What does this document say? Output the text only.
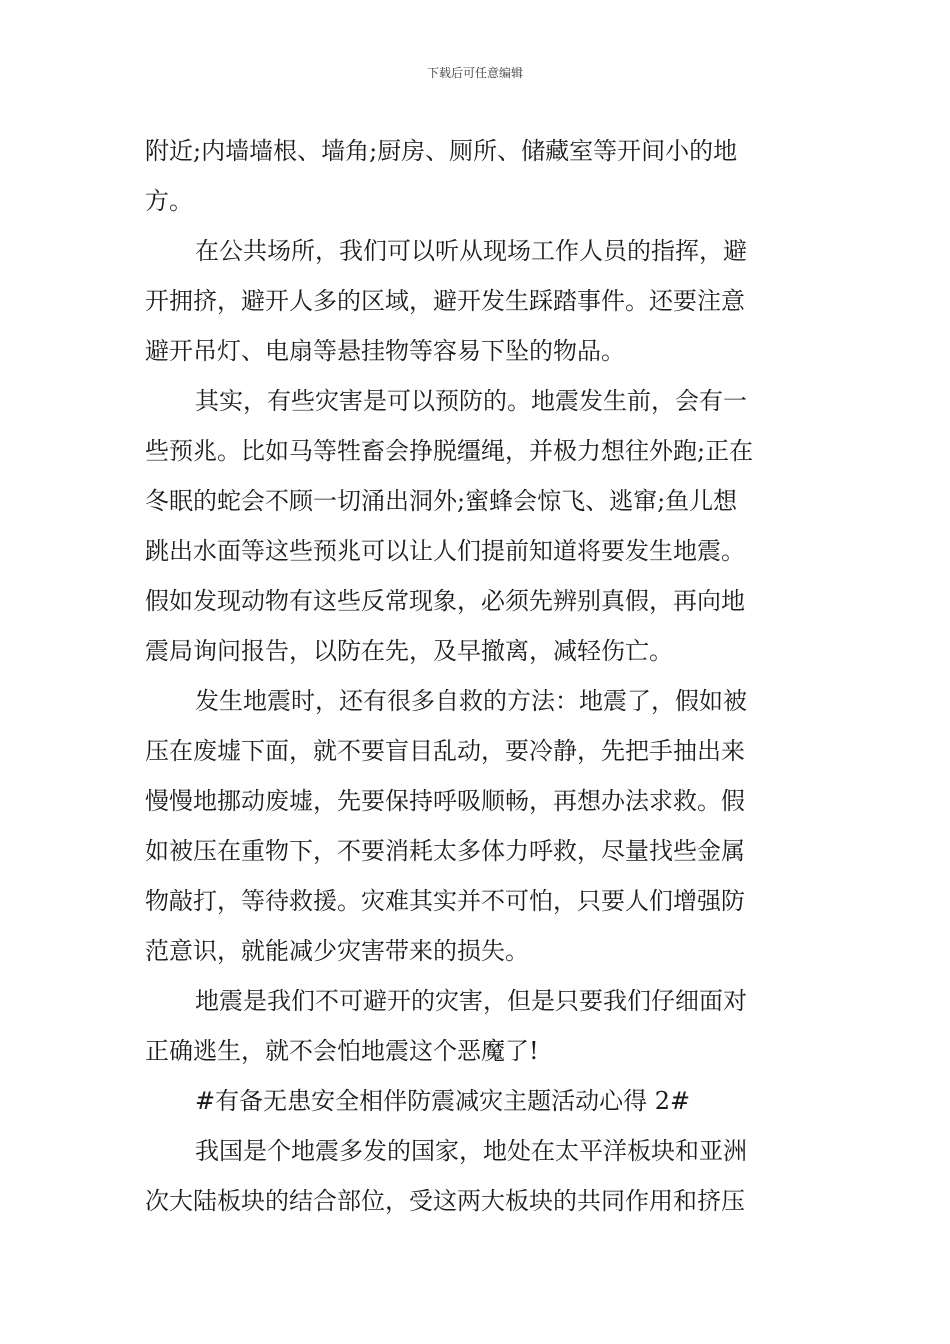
下载后可任意编辑
附近;内墙墙根、墙角;厨房、厕所、储藏室等开间小的地
方。
在公共场所，我们可以听从现场工作人员的指挥，避
开拥挤，避开人多的区域，避开发生踩踏事件。还要注意
避开吊灯、电扇等悬挂物等容易下坠的物品。
其实，有些灾害是可以预防的。地震发生前，会有一
些预兆。比如马等牲畜会挣脱缰绳，并极力想往外跑;正在
冬眠的蛇会不顾一切涌出洞外;蜜蜂会惊飞、逃窜;鱼儿想
跳出水面等这些预兆可以让人们提前知道将要发生地震。
假如发现动物有这些反常现象，必须先辨别真假，再向地
震局询问报告，以防在先，及早撤离，减轻伤亡。
发生地震时，还有很多自救的方法：地震了，假如被
压在废墟下面，就不要盲目乱动，要冷静，先把手抽出来
慢慢地挪动废墟，先要保持呼吸顺畅，再想办法求救。假
如被压在重物下，不要消耗太多体力呼救，尽量找些金属
物敲打，等待救援。灾难其实并不可怕，只要人们增强防
范意识，就能减少灾害带来的损失。
地震是我们不可避开的灾害，但是只要我们仔细面对
正确逃生，就不会怕地震这个恶魔了!
#有备无患安全相伴防震减灾主题活动心得 2#
我国是个地震多发的国家，地处在太平洋板块和亚洲
次大陆板块的结合部位，受这两大板块的共同作用和挤压
